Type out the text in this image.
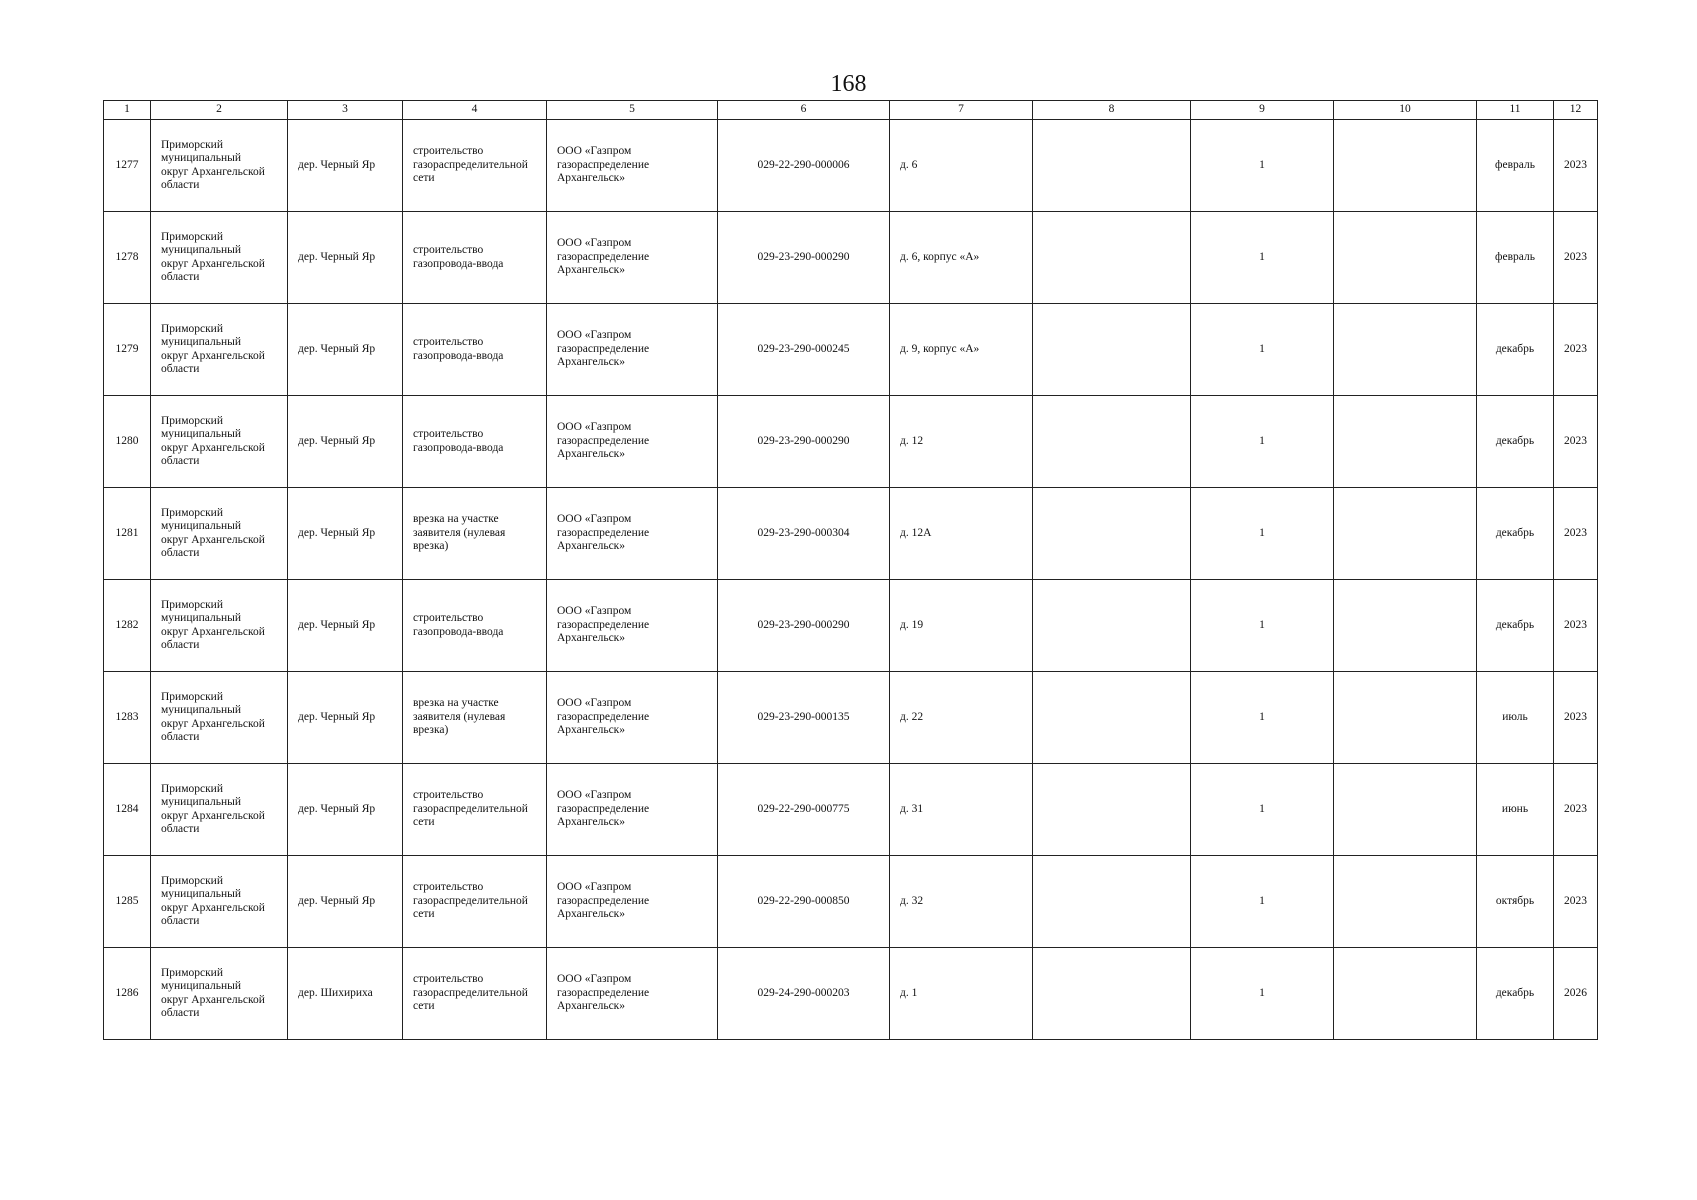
168
1	2	3	4	5	6	7	8	9	10	11	12
1277	Приморский
муниципальный
округ Архангельской
области	дер. Черный Яр	строительство
газораспределительной
сети	ООО «Газпром
газораспределение
Архангельск»	029-22-290-000006	д. 6		1		февраль	2023
1278	Приморский
муниципальный
округ Архангельской
области	дер. Черный Яр	строительство
газопровода-ввода	ООО «Газпром
газораспределение
Архангельск»	029-23-290-000290	д. 6, корпус «А»		1		февраль	2023
1279	Приморский
муниципальный
округ Архангельской
области	дер. Черный Яр	строительство
газопровода-ввода	ООО «Газпром
газораспределение
Архангельск»	029-23-290-000245	д. 9, корпус «А»		1		декабрь	2023
1280	Приморский
муниципальный
округ Архангельской
области	дер. Черный Яр	строительство
газопровода-ввода	ООО «Газпром
газораспределение
Архангельск»	029-23-290-000290	д. 12		1		декабрь	2023
1281	Приморский
муниципальный
округ Архангельской
области	дер. Черный Яр	врезка на участке
заявителя (нулевая
врезка)	ООО «Газпром
газораспределение
Архангельск»	029-23-290-000304	д. 12А		1		декабрь	2023
1282	Приморский
муниципальный
округ Архангельской
области	дер. Черный Яр	строительство
газопровода-ввода	ООО «Газпром
газораспределение
Архангельск»	029-23-290-000290	д. 19		1		декабрь	2023
1283	Приморский
муниципальный
округ Архангельской
области	дер. Черный Яр	врезка на участке
заявителя (нулевая
врезка)	ООО «Газпром
газораспределение
Архангельск»	029-23-290-000135	д. 22		1		июль	2023
1284	Приморский
муниципальный
округ Архангельской
области	дер. Черный Яр	строительство
газораспределительной
сети	ООО «Газпром
газораспределение
Архангельск»	029-22-290-000775	д. 31		1		июнь	2023
1285	Приморский
муниципальный
округ Архангельской
области	дер. Черный Яр	строительство
газораспределительной
сети	ООО «Газпром
газораспределение
Архангельск»	029-22-290-000850	д. 32		1		октябрь	2023
1286	Приморский
муниципальный
округ Архангельской
области	дер. Шихириха	строительство
газораспределительной
сети	ООО «Газпром
газораспределение
Архангельск»	029-24-290-000203	д. 1		1		декабрь	2026
